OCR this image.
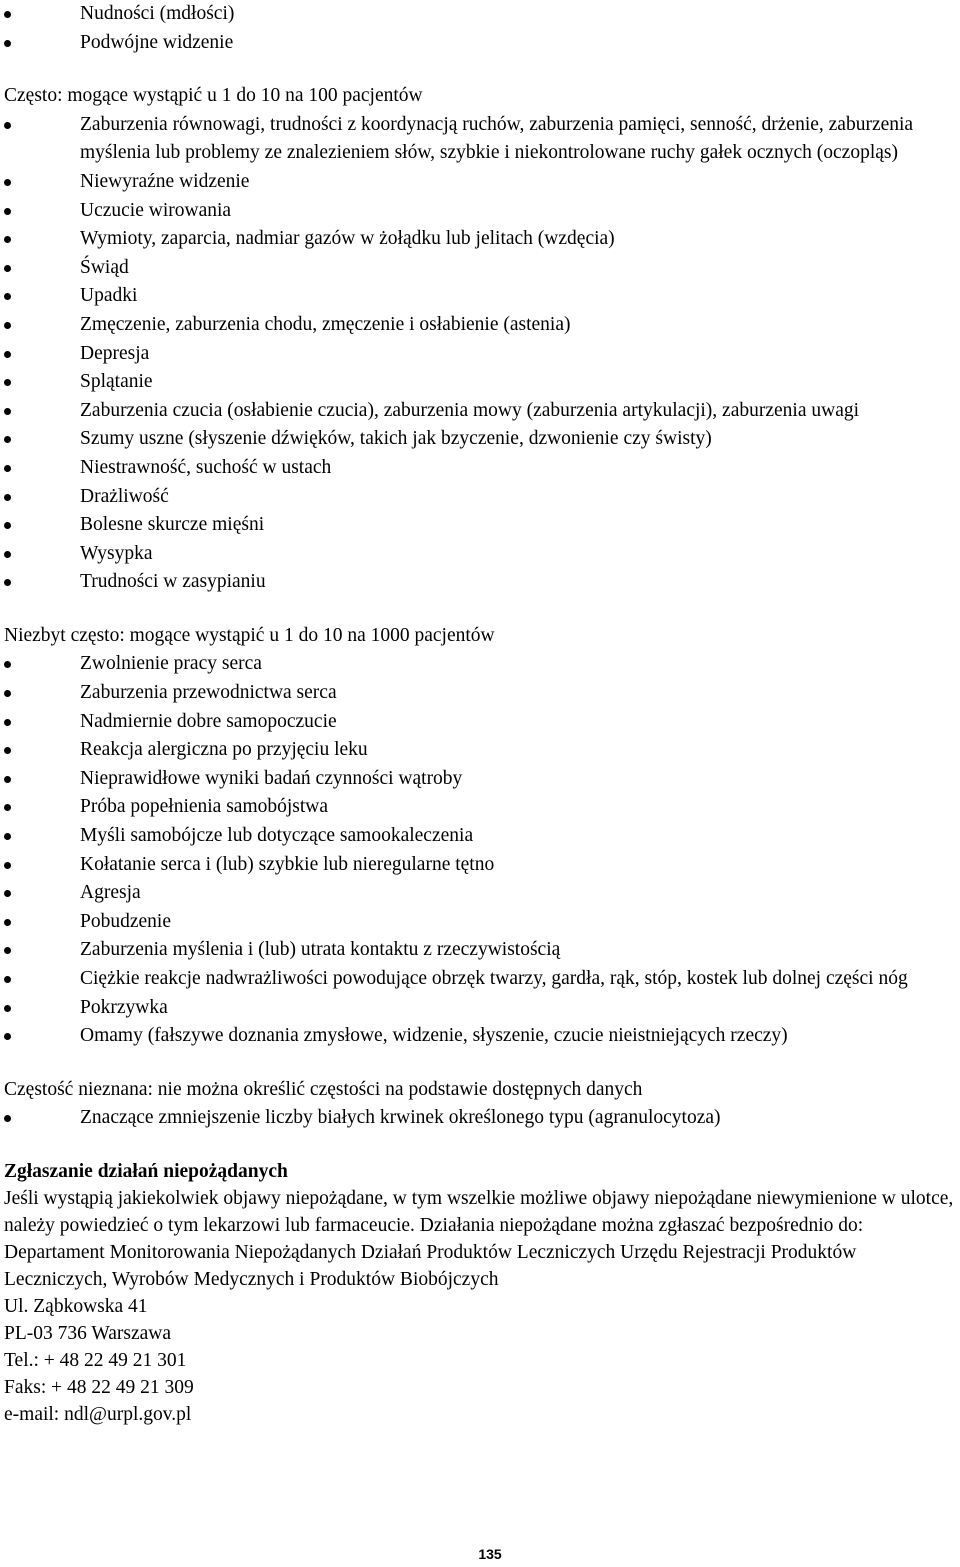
Nudności (mdłości)
Podwójne widzenie
Często: mogące wystąpić u 1 do 10 na 100 pacjentów
Zaburzenia równowagi, trudności z koordynacją ruchów, zaburzenia pamięci, senność, drżenie, zaburzenia myślenia lub problemy ze znalezieniem słów, szybkie i niekontrolowane ruchy gałek ocznych (oczopląs)
Niewyraźne widzenie
Uczucie wirowania
Wymioty, zaparcia, nadmiar gazów w żołądku lub jelitach (wzdęcia)
Świąd
Upadki
Zmęczenie, zaburzenia chodu, zmęczenie i osłabienie (astenia)
Depresja
Splątanie
Zaburzenia czucia (osłabienie czucia), zaburzenia mowy (zaburzenia artykulacji), zaburzenia uwagi
Szumy uszne (słyszenie dźwięków, takich jak bzyczenie, dzwonienie czy świsty)
Niestrawność, suchość w ustach
Drażliwość
Bolesne skurcze mięśni
Wysypka
Trudności w zasypianiu
Niezbyt często: mogące wystąpić u 1 do 10 na 1000 pacjentów
Zwolnienie pracy serca
Zaburzenia przewodnictwa serca
Nadmiernie dobre samopoczucie
Reakcja alergiczna po przyjęciu leku
Nieprawidłowe wyniki badań czynności wątroby
Próba popełnienia samobójstwa
Myśli samobójcze lub dotyczące samookaleczenia
Kołatanie serca i (lub) szybkie lub nieregularne tętno
Agresja
Pobudzenie
Zaburzenia myślenia i (lub) utrata kontaktu z rzeczywistością
Ciężkie reakcje nadwrażliwości powodujące obrzęk twarzy, gardła, rąk, stóp, kostek lub dolnej części nóg
Pokrzywka
Omamy (fałszywe doznania zmysłowe, widzenie, słyszenie, czucie nieistniejących rzeczy)
Częstość nieznana: nie można określić częstości na podstawie dostępnych danych
Znaczące zmniejszenie liczby białych krwinek określonego typu (agranulocytoza)
Zgłaszanie działań niepożądanych

Jeśli wystąpią jakiekolwiek objawy niepożądane, w tym wszelkie możliwe objawy niepożądane niewymienione w ulotce, należy powiedzieć o tym lekarzowi lub farmaceucie. Działania niepożądane można zgłaszać bezpośrednio do:

Departament Monitorowania Niepożądanych Działań Produktów Leczniczych Urzędu Rejestracji Produktów Leczniczych, Wyrobów Medycznych i Produktów Biobójczych
Ul. Ząbkowska 41
PL-03 736 Warszawa
Tel.: + 48 22 49 21 301
Faks: + 48 22 49 21 309
e-mail: ndl@urpl.gov.pl
135
